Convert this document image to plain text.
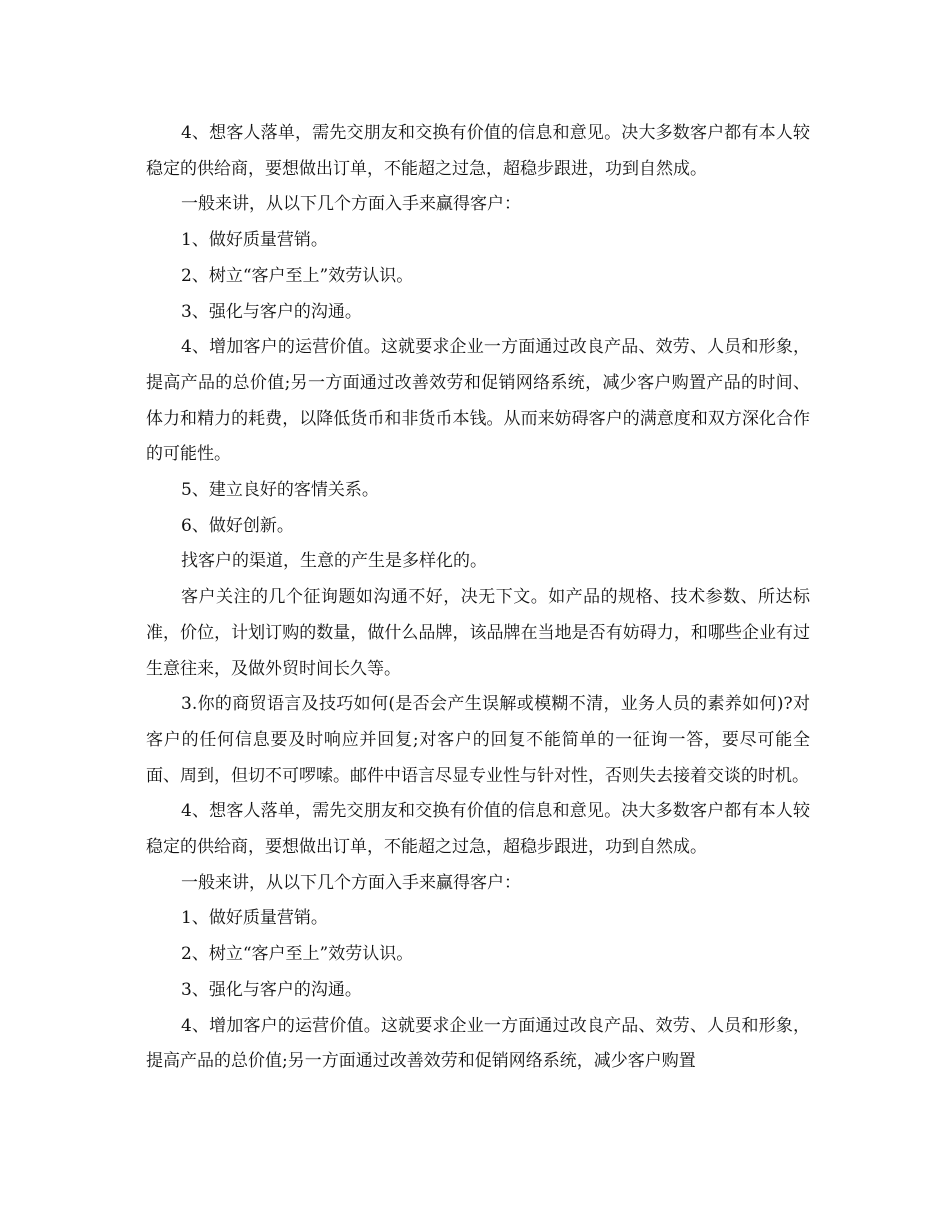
4、想客人落单，需先交朋友和交换有价值的信息和意见。决大多数客户都有本人较稳定的供给商，要想做出订单，不能超之过急，超稳步跟进，功到自然成。

一般来讲，从以下几个方面入手来赢得客户：

1、做好质量营销。

2、树立“客户至上”效劳认识。

3、强化与客户的沟通。

4、增加客户的运营价值。这就要求企业一方面通过改良产品、效劳、人员和形象，提高产品的总价值;另一方面通过改善效劳和促销网络系统，减少客户购置产品的时间、体力和精力的耗费，以降低货币和非货币本钱。从而来妨碍客户的满意度和双方深化合作的可能性。

5、建立良好的客情关系。

6、做好创新。

找客户的渠道，生意的产生是多样化的。

客户关注的几个征询题如沟通不好，决无下文。如产品的规格、技术参数、所达标准，价位，计划订购的数量，做什么品牌，该品牌在当地是否有妨碍力，和哪些企业有过生意往来，及做外贸时间长久等。

3.你的商贸语言及技巧如何(是否会产生误解或模糊不清，业务人员的素养如何)?对客户的任何信息要及时响应并回复;对客户的回复不能简单的一征询一答，要尽可能全面、周到，但切不可啰嗦。邮件中语言尽显专业性与针对性，否则失去接着交谈的时机。

4、想客人落单，需先交朋友和交换有价值的信息和意见。决大多数客户都有本人较稳定的供给商，要想做出订单，不能超之过急，超稳步跟进，功到自然成。

一般来讲，从以下几个方面入手来赢得客户：

1、做好质量营销。

2、树立“客户至上”效劳认识。

3、强化与客户的沟通。

4、增加客户的运营价值。这就要求企业一方面通过改良产品、效劳、人员和形象，提高产品的总价值;另一方面通过改善效劳和促销网络系统，减少客户购置
